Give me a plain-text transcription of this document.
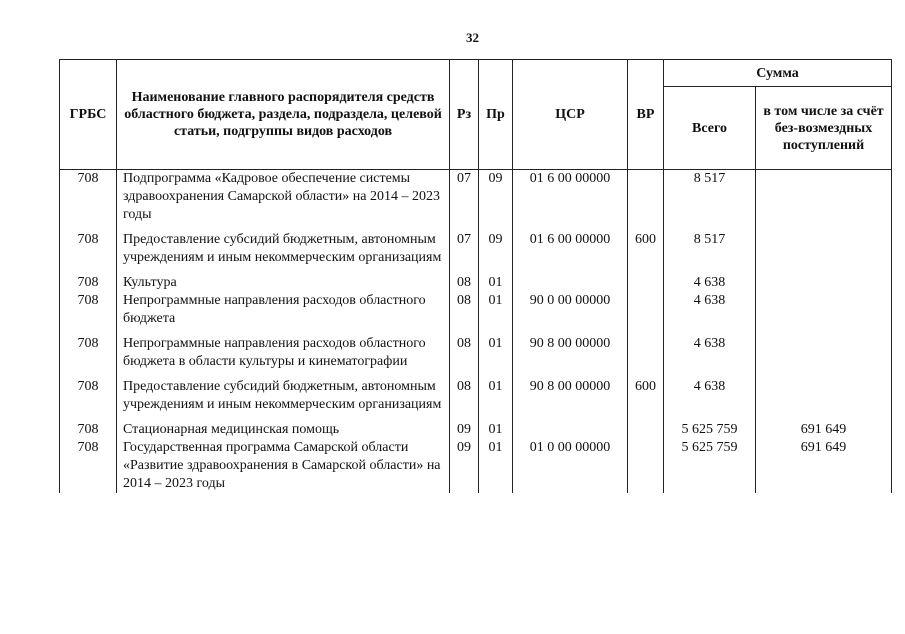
32
ГРБС	Наименование главного распорядителя средств областного бюджета, раздела, подраздела, целевой статьи, подгруппы видов расходов	Рз	Пр	ЦСР	ВР	Сумма	
						Всего	в том числе за счёт без-возмездных поступлений
708	Подпрограмма «Кадровое обеспечение системы здравоохранения Самарской области» на 2014 – 2023 годы	07	09	01 6 00 00000		8 517	
708	Предоставление субсидий бюджетным, автономным учреждениям и иным некоммерческим организациям	07	09	01 6 00 00000	600	8 517	
708	Культура	08	01			4 638	
708	Непрограммные направления расходов областного бюджета	08	01	90 0 00 00000		4 638	
708	Непрограммные направления расходов областного бюджета в области культуры и кинематографии	08	01	90 8 00 00000		4 638	
708	Предоставление субсидий бюджетным, автономным учреждениям и иным некоммерческим организациям	08	01	90 8 00 00000	600	4 638	
708	Стационарная медицинская помощь	09	01			5 625 759	691 649
708	Государственная программа Самарской области «Развитие здравоохранения в Самарской области» на 2014 – 2023 годы	09	01	01 0 00 00000		5 625 759	691 649
